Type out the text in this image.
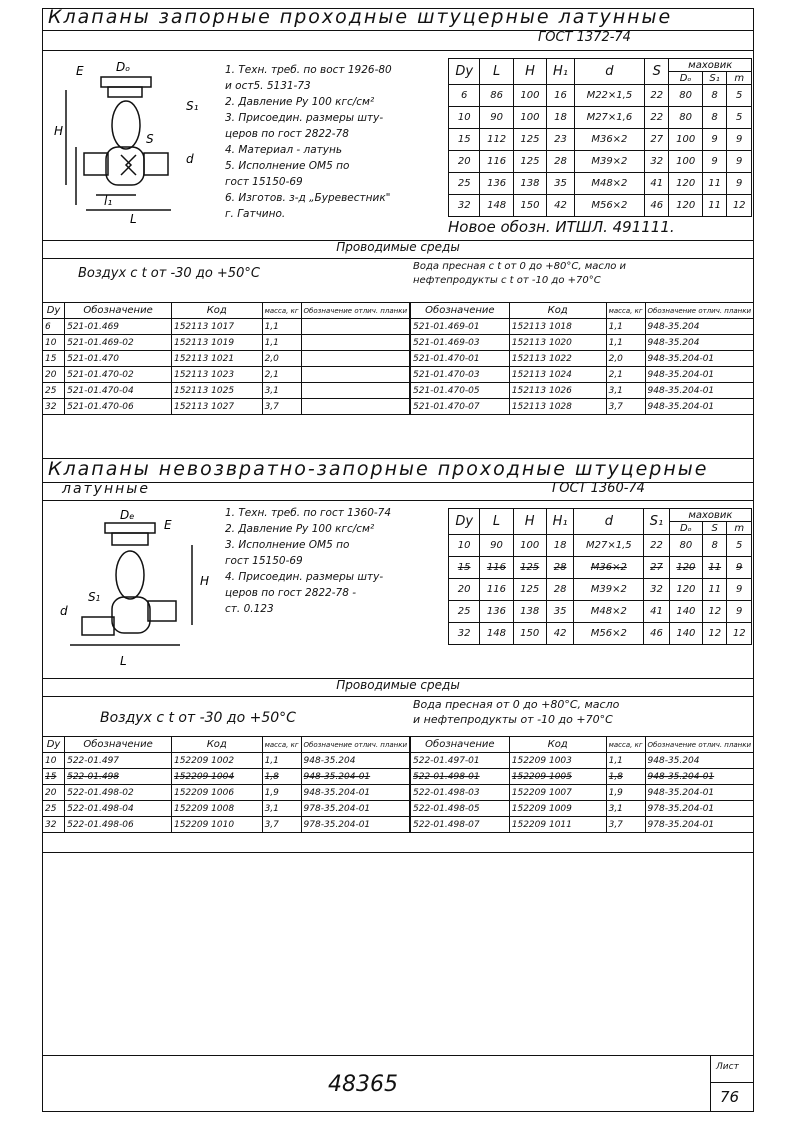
Клапаны запорные проходные штуцерные латунные
ГОСТ 1372-74
E	Dₒ
S₁
S
H
d
l₁
L
1. Техн. треб. по вост 1926-80
и ост5. 5131-73
2. Давление Py 100 кгс/см²
3. Присоедин. размеры шту-
церов по гост 2822-78
4. Материал - латунь
5. Исполнение ОМ5 по
гост 15150-69
6. Изготов. з-д „Буревестник"
г. Гатчино.
Dy	L	H	H₁	d	S	маховик		
						Dₒ	S₁	m
6	86	100	16	M22×1,5	22	80	8	5
10	90	100	18	M27×1,6	22	80	8	5
15	112	125	23	M36×2	27	100	9	9
20	116	125	28	M39×2	32	100	9	9
25	136	138	35	M48×2	41	120	11	9
32	148	150	42	M56×2	46	120	11	12
Новое обозн. ИТШЛ. 491111.
Проводимые среды
Воздух с t от -30 до +50°C	Вода пресная с t от 0 до +80°C, масло и
нефтепродукты с t от -10 до +70°C
Dy	Обозначение	Код	масса, кг	Обозначение отлич. планки
6	521-01.469	152113 1017	1,1	
10	521-01.469-02	152113 1019	1,1	
15	521-01.470	152113 1021	2,0	
20	521-01.470-02	152113 1023	2,1	
25	521-01.470-04	152113 1025	3,1	
32	521-01.470-06	152113 1027	3,7	
Обозначение	Код	масса, кг	Обозначение отлич. планки
521-01.469-01	152113 1018	1,1	948-35.204
521-01.469-03	152113 1020	1,1	948-35.204
521-01.470-01	152113 1022	2,0	948-35.204-01
521-01.470-03	152113 1024	2,1	948-35.204-01
521-01.470-05	152113 1026	3,1	948-35.204-01
521-01.470-07	152113 1028	3,7	948-35.204-01
Клапаны невозвратно-запорные проходные штуцерные
латунные	ГОСТ 1360-74
De
E
H
S1
d
L
1. Техн. треб. по гост 1360-74
2. Давление Py 100 кгс/см²
3. Исполнение ОМ5 по
гост 15150-69
4. Присоедин. размеры шту-
церов по гост 2822-78 -
ст. 0.123
Dy	L	H	H₁	d	S₁	маховик		
						Dₒ	S	m
10	90	100	18	M27×1,5	22	80	8	5
15	116	125	28	M36×2	27	120	11	9
20	116	125	28	M39×2	32	120	11	9
25	136	138	35	M48×2	41	140	12	9
32	148	150	42	M56×2	46	140	12	12
Проводимые среды
Воздух с t от -30 до +50°C
Вода пресная от 0 до +80°C, масло
и нефтепродукты от -10 до +70°C
Dy	Обозначение	Код	масса, кг	Обозначение отлич. планки
10	522-01.497	152209 1002	1,1	948-35.204
15	522-01.498	152209 1004	1,8	948-35.204-01
20	522-01.498-02	152209 1006	1,9	948-35.204-01
25	522-01.498-04	152209 1008	3,1	978-35.204-01
32	522-01.498-06	152209 1010	3,7	978-35.204-01
Обозначение	Код	масса, кг	Обозначение отлич. планки
522-01.497-01	152209 1003	1,1	948-35.204
522-01.498-01	152209 1005	1,8	948-35.204-01
522-01.498-03	152209 1007	1,9	948-35.204-01
522-01.498-05	152209 1009	3,1	978-35.204-01
522-01.498-07	152209 1011	3,7	978-35.204-01
Лист
76
48365
